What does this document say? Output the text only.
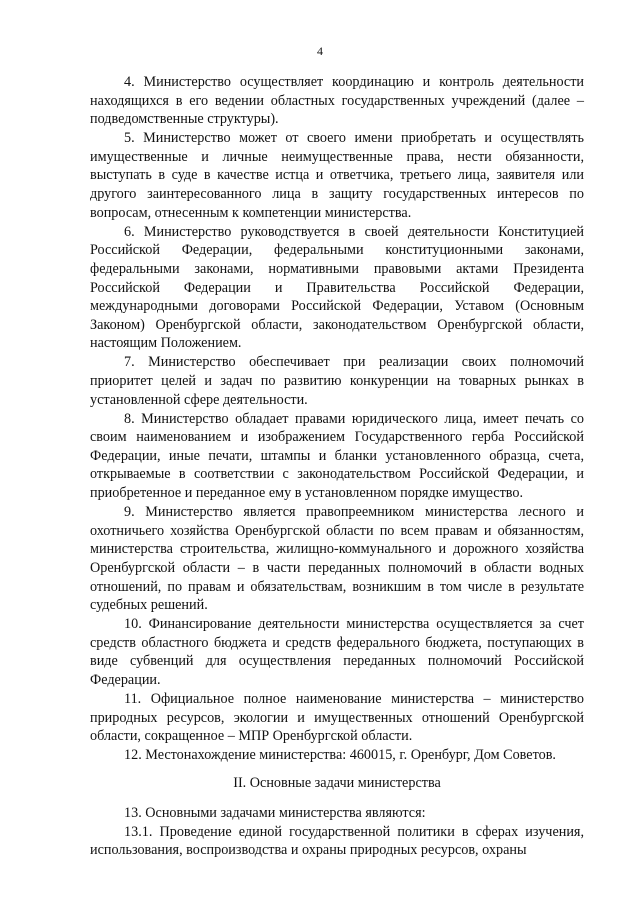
4

4. Министерство осуществляет координацию и контроль деятельности находящихся в его ведении областных государственных учреждений (далее – подведомственные структуры).

5. Министерство может от своего имени приобретать и осуществлять имущественные и личные неимущественные права, нести обязанности, выступать в суде в качестве истца и ответчика, третьего лица, заявителя или другого заинтересованного лица в защиту государственных интересов по вопросам, отнесенным к компетенции министерства.

6. Министерство руководствуется в своей деятельности Конституцией Российской Федерации, федеральными конституционными законами, федеральными законами, нормативными правовыми актами Президента Российской Федерации и Правительства Российской Федерации, международными договорами Российской Федерации, Уставом (Основным Законом) Оренбургской области, законодательством Оренбургской области, настоящим Положением.

7. Министерство обеспечивает при реализации своих полномочий приоритет целей и задач по развитию конкуренции на товарных рынках в установленной сфере деятельности.

8. Министерство обладает правами юридического лица, имеет печать со своим наименованием и изображением Государственного герба Российской Федерации, иные печати, штампы и бланки установленного образца, счета, открываемые в соответствии с законодательством Российской Федерации, и приобретенное и переданное ему в установленном порядке имущество.

9. Министерство является правопреемником министерства лесного и охотничьего хозяйства Оренбургской области по всем правам и обязанностям, министерства строительства, жилищно-коммунального и дорожного хозяйства Оренбургской области – в части переданных полномочий в области водных отношений, по правам и обязательствам, возникшим в том числе в результате судебных решений.

10. Финансирование деятельности министерства осуществляется за счет средств областного бюджета и средств федерального бюджета, поступающих в виде субвенций для осуществления переданных полномочий Российской Федерации.

11. Официальное полное наименование министерства – министерство природных ресурсов, экологии и имущественных отношений Оренбургской области, сокращенное – МПР Оренбургской области.

12. Местонахождение министерства: 460015, г. Оренбург, Дом Советов.

II. Основные задачи министерства

13. Основными задачами министерства являются:

13.1. Проведение единой государственной политики в сферах изучения, использования, воспроизводства и охраны природных ресурсов, охраны
